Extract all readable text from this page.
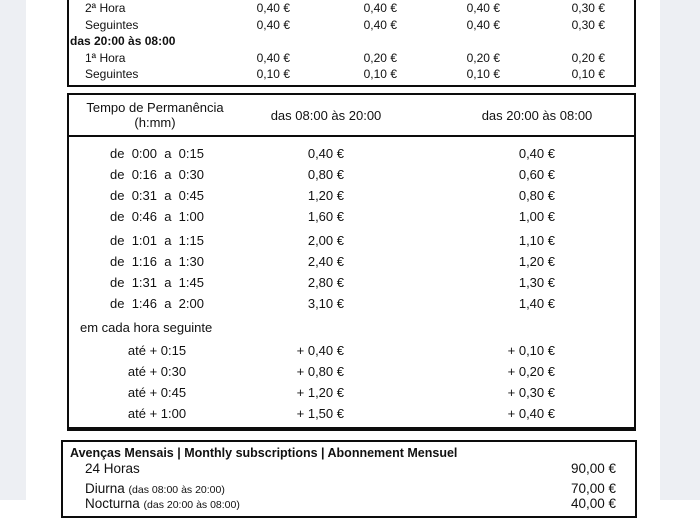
2ª Hora	0,40 €	0,40 €	0,40 €	0,30 €
Seguintes	0,40 €	0,40 €	0,40 €	0,30 €
das 20:00 às 08:00
1ª Hora	0,40 €	0,20 €	0,20 €	0,20 €
Seguintes	0,10 €	0,10 €	0,10 €	0,10 €
Tempo de Permanência
(h:mm)	das 08:00 às 20:00	das 20:00 às 08:00
de  0:00  a  0:15	0,40 €	0,40 €
de  0:16  a  0:30	0,80 €	0,60 €
de  0:31  a  0:45	1,20 €	0,80 €
de  0:46  a  1:00	1,60 €	1,00 €
de  1:01  a  1:15	2,00 €	1,10 €
de  1:16  a  1:30	2,40 €	1,20 €
de  1:31  a  1:45	2,80 €	1,30 €
de  1:46  a  2:00	3,10 €	1,40 €
em cada hora seguinte
até + 0:15	+ 0,40 €	+ 0,10 €
até + 0:30	+ 0,80 €	+ 0,20 €
até + 0:45	+ 1,20 €	+ 0,30 €
até + 1:00	+ 1,50 €	+ 0,40 €
Avenças Mensais | Monthly subscriptions | Abonnement Mensuel
24 Horas	90,00 €
Diurna (das 08:00 às 20:00)	70,00 €
Nocturna (das 20:00 às 08:00)	40,00 €
